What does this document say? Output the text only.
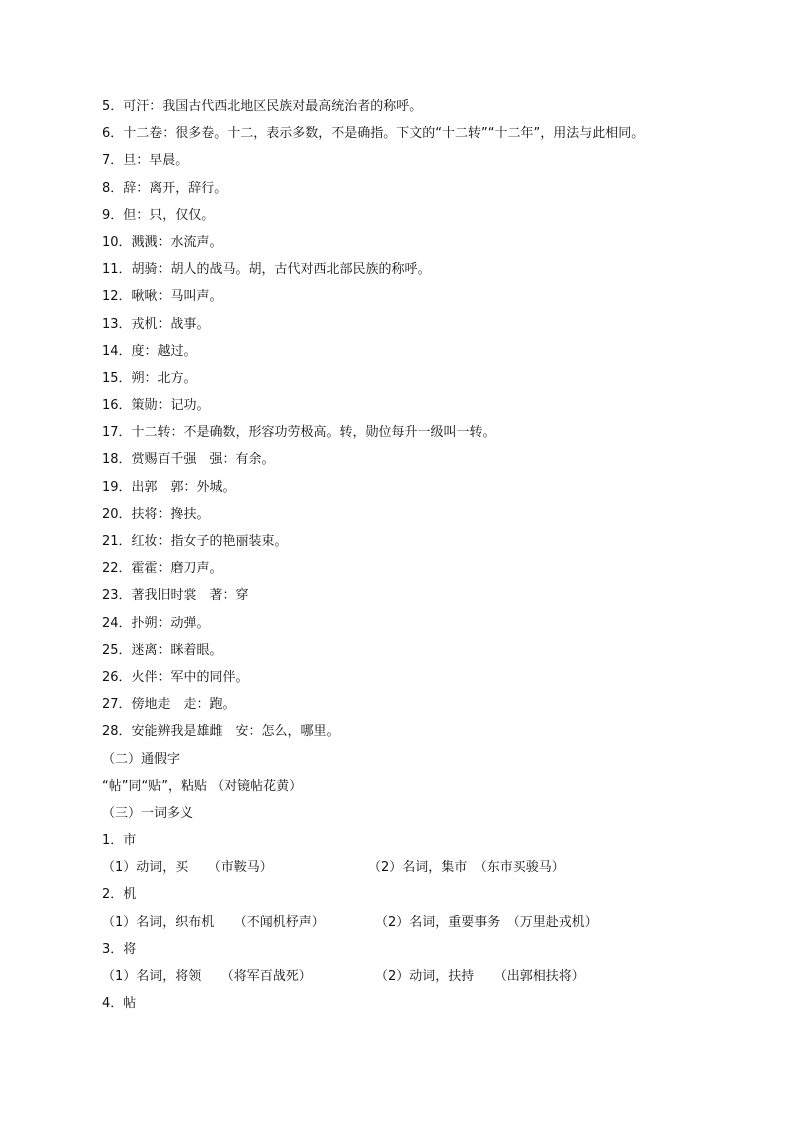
5．可汗：我国古代西北地区民族对最高统治者的称呼。
6．十二卷：很多卷。十二，表示多数，不是确指。下文的“十二转”“十二年”，用法与此相同。
7．旦：早晨。
8．辞：离开，辞行。
9．但：只，仅仅。
10．溅溅：水流声。
11．胡骑：胡人的战马。胡，古代对西北部民族的称呼。
12．啾啾：马叫声。
13．戎机：战事。
14．度：越过。
15．朔：北方。
16．策勋：记功。
17．十二转：不是确数，形容功劳极高。转，勋位每升一级叫一转。
18．赏赐百千强　强：有余。
19．出郭　郭：外城。
20．扶将：搀扶。
21．红妆：指女子的艳丽装束。
22．霍霍：磨刀声。
23．著我旧时裳　著：穿
24．扑朔：动弹。
25．迷离：眯着眼。
26．火伴：军中的同伴。
27．傍地走　走：跑。
28．安能辨我是雄雌　安：怎么，哪里。
（二）通假字
“帖”同“贴”，粘贴 （对镜帖花黄）
（三）一词多义
1．市

（1）动词，买　　（市鞍马）

	（2）名词，集市　（东市买骏马）

2．机

（1）名词，织布机　　（不闻机杼声）

	（2）名词，重要事务　（万里赴戎机）

3．将

（1）名词，将领　　（将军百战死）

	（2）动词，扶持　　（出郭相扶将）

4．帖
